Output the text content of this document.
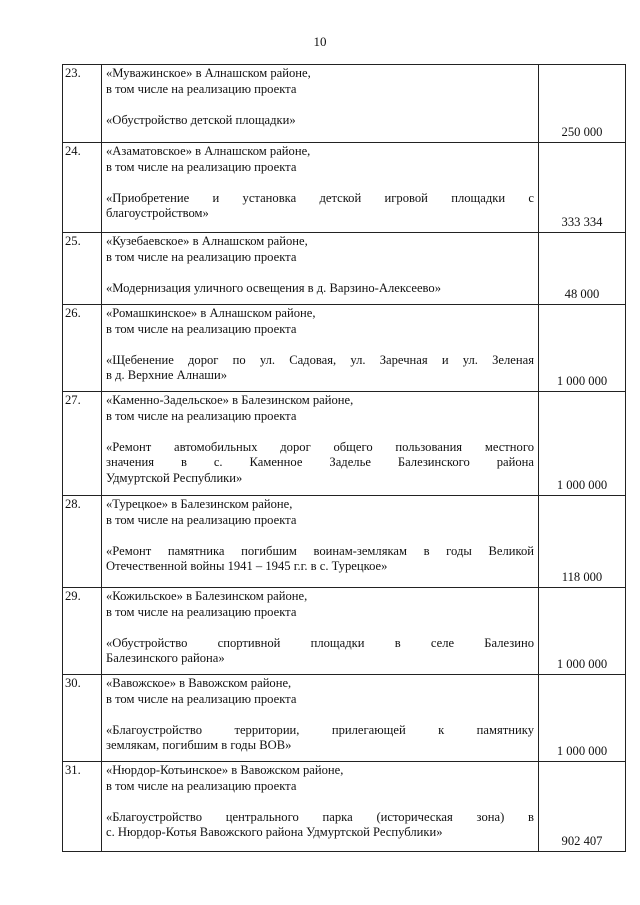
10
23.	«Муважинское» в Алнашском районе,
в том числе на реализацию проекта
«Обустройство детской площадки»	250 000
24.	«Азаматовское» в Алнашском районе,
в том числе на реализацию проекта
«Приобретение и установка детской игровой площадки с
благоустройством»	333 334

25.	«Кузебаевское» в Алнашском районе,
в том числе на реализацию проекта
«Модернизация уличного освещения в д. Варзино-Алексеево»	48 000
26.	«Ромашкинское» в Алнашском районе,
в том числе на реализацию проекта
«Щебенение дорог по ул. Садовая, ул. Заречная и ул. Зеленая
в д. Верхние Алнаши»	1 000 000

27.	«Каменно-Задельское» в Балезинском районе,
в том числе на реализацию проекта
«Ремонт автомобильных дорог общего пользования местного
значения в с. Каменное Заделье Балезинского района
Удмуртской Республики»	1 000 000

28.	«Турецкое» в Балезинском районе,
в том числе на реализацию проекта
«Ремонт памятника погибшим воинам-землякам в годы Великой
Отечественной войны 1941 – 1945 г.г. в с. Турецкое»	118 000

29.	«Кожильское» в Балезинском районе,
в том числе на реализацию проекта
«Обустройство спортивной площадки в селе Балезино
Балезинского района»	1 000 000

30.	«Вавожское» в Вавожском районе,
в том числе на реализацию проекта
«Благоустройство территории, прилегающей к памятнику
землякам, погибшим в годы ВОВ»	1 000 000

31.	«Нюрдор-Котьинское» в Вавожском районе,
в том числе на реализацию проекта
«Благоустройство центрального парка (историческая зона) в
с. Нюрдор-Котья Вавожского района Удмуртской Республики»	902 407
